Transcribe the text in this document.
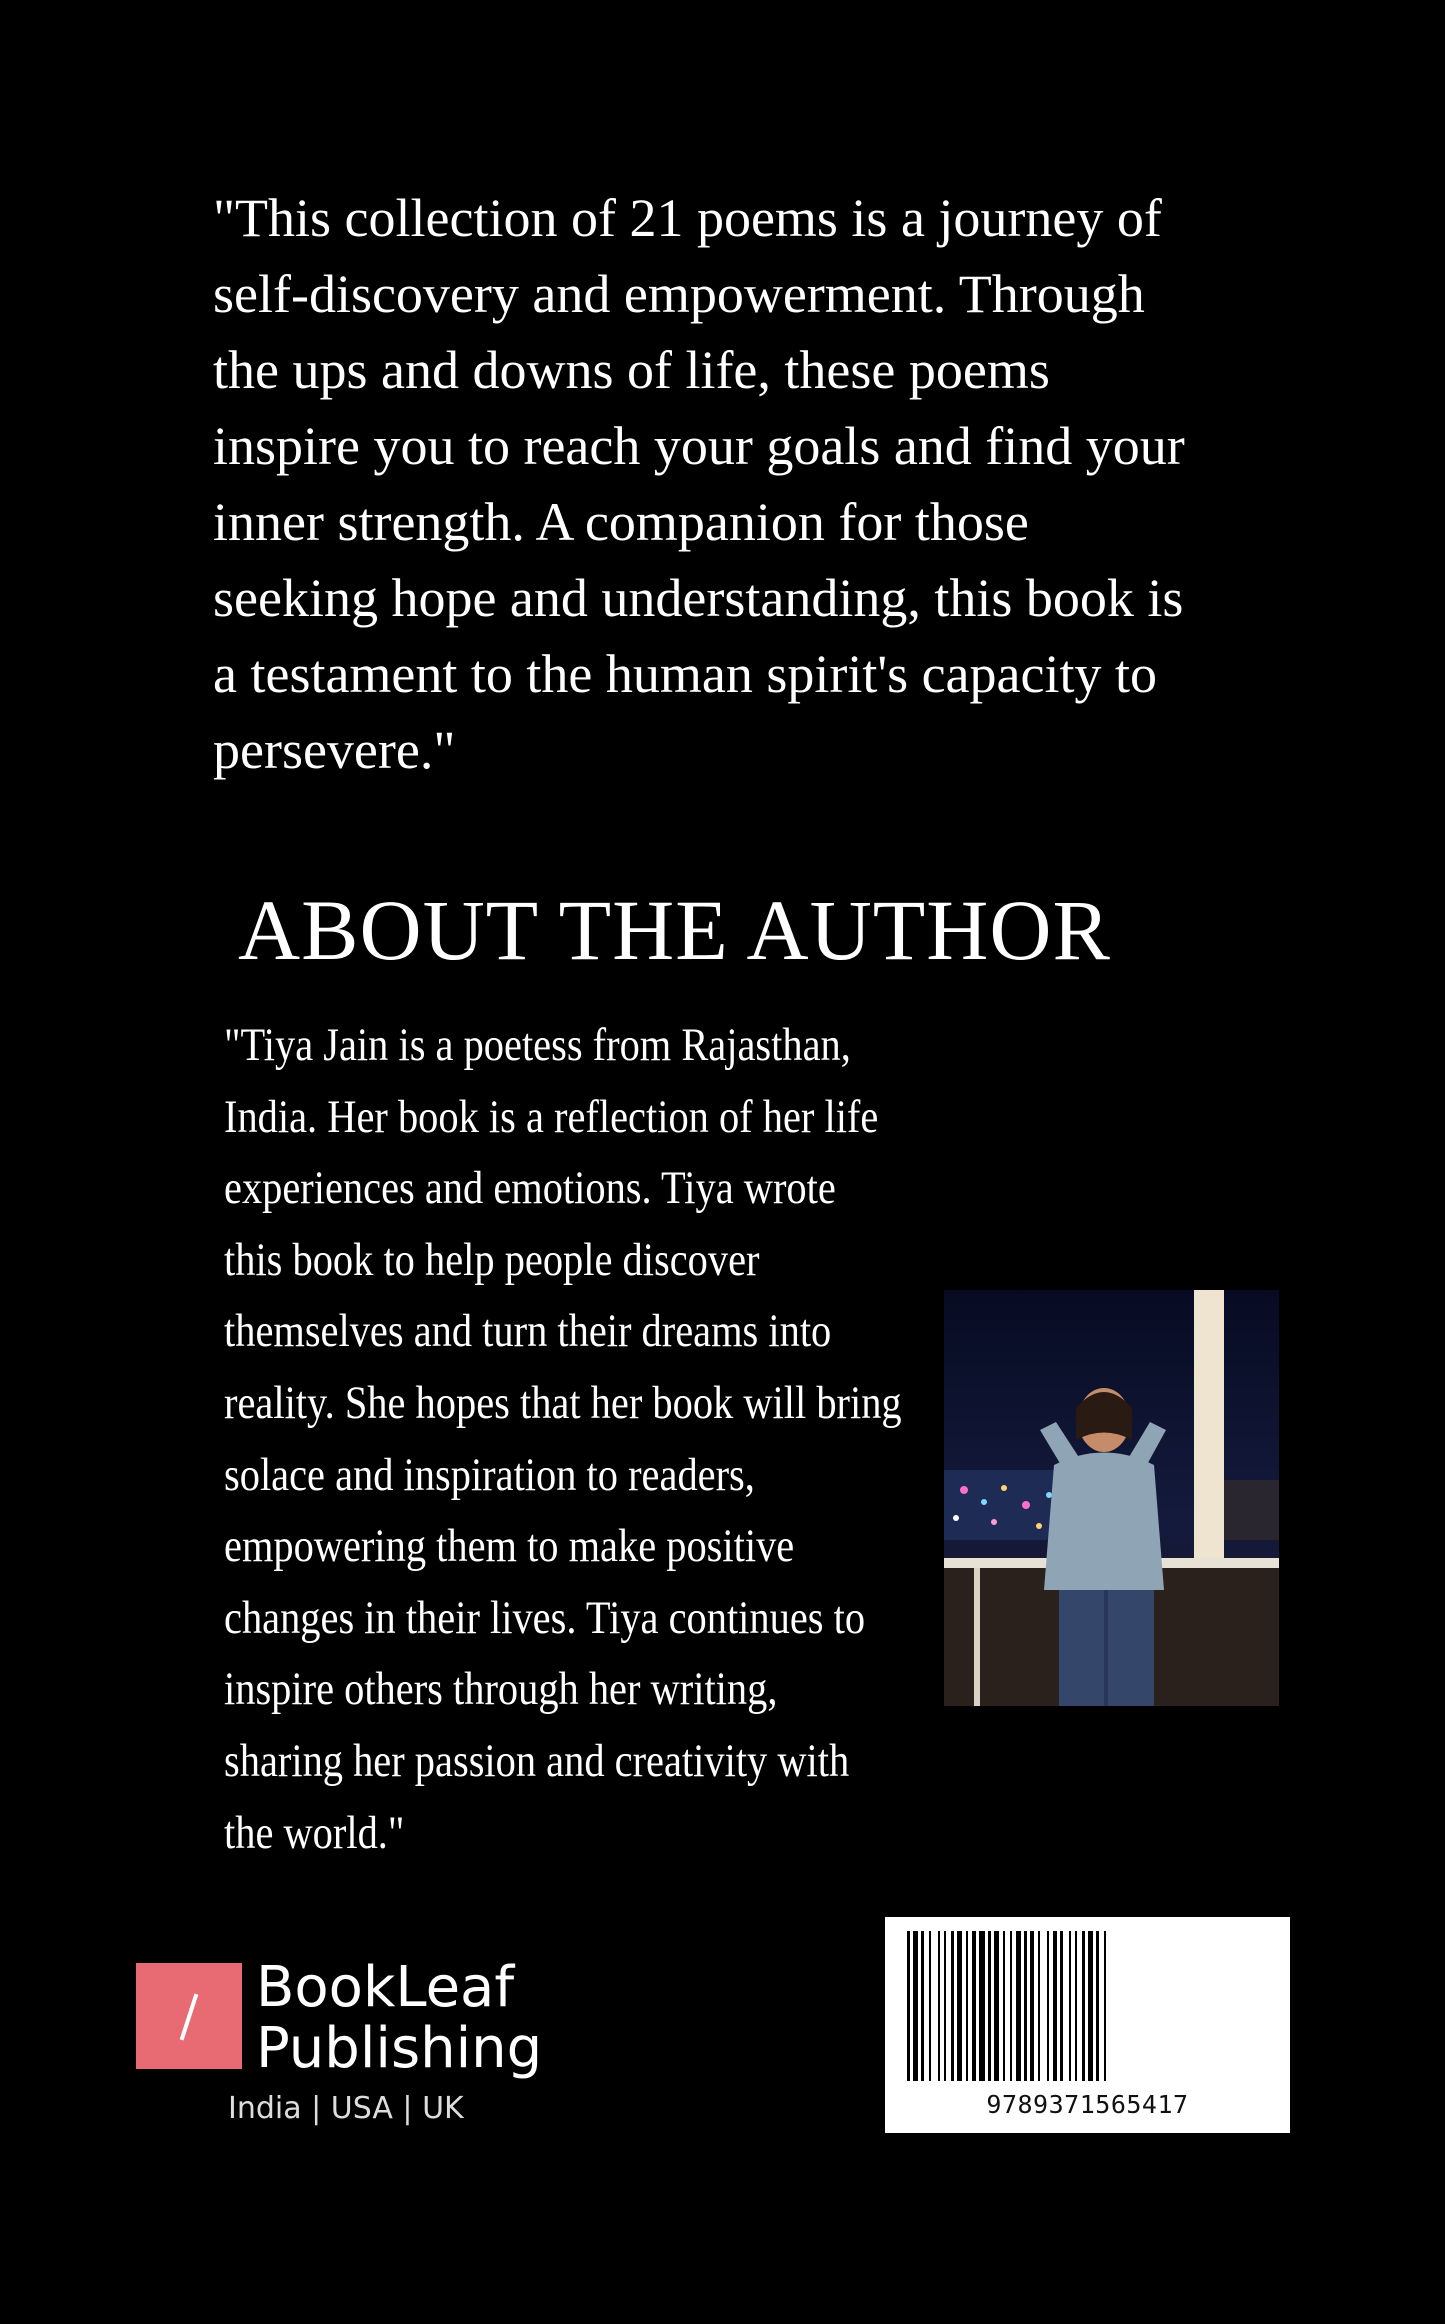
"This collection of 21 poems is a journey of
self-discovery and empowerment. Through
the ups and downs of life, these poems
inspire you to reach your goals and find your
inner strength. A companion for those
seeking hope and understanding, this book is
a testament to the human spirit's capacity to
persevere."

ABOUT THE AUTHOR

"Tiya Jain is a poetess from Rajasthan,
India. Her book is a reflection of her life
experiences and emotions. Tiya wrote
this book to help people discover
themselves and turn their dreams into
reality. She hopes that her book will bring
solace and inspiration to readers,
empowering them to make positive
changes in their lives. Tiya continues to
inspire others through her writing,
sharing her passion and creativity with
the world."

BookLeaf
Publishing
India | USA | UK	9789371565417
